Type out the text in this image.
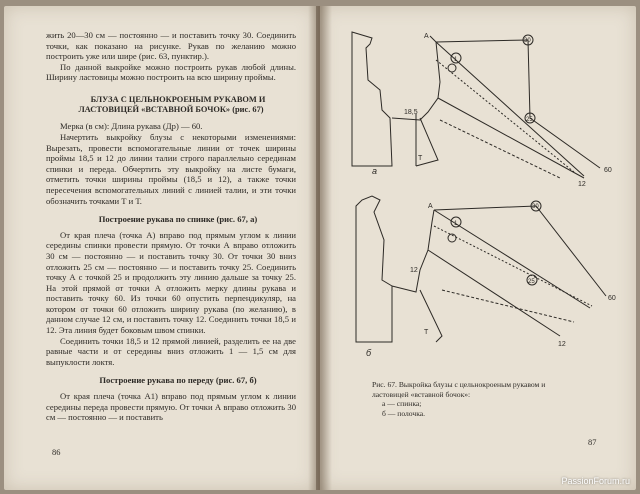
жить 20—30 см — постоянно — и поставить точку 30. Соединить точки, как показано на рисунке. Рукав по желанию можно построить уже или шире (рис. 63, пунктир.).

По данной выкройке можно построить рукав любой длины. Ширину ластовицы можно построить на всю ширину проймы.

БЛУЗА С ЦЕЛЬНОКРОЕНЫМ РУКАВОМ И ЛАСТОВИЦЕЙ «ВСТАВНОЙ БОЧОК» (рис. 67)

Мерка (в см): Длина рукава (Др) — 60.

Начертить выкройку блузы с некоторыми изменениями: Вырезать, провести вспомогательные линии от точек ширины проймы 18,5 и 12 до линии талии строго параллельно серединам спинки и переда. Обчертить эту выкройку на листе бумаги, отметить точки ширины проймы (18,5 и 12), а также точки пересечения вспомогательных линий с линией талии, и эти точки обозначить точками Т и Т.

Построение рукава по спинке (рис. 67, а)

От края плеча (точка А) вправо под прямым углом к линии середины спинки провести прямую. От точки А вправо отложить 30 см — постоянно — и поставить точку 30. От точки 30 вниз отложить 25 см — постоянно — и поставить точку 25. Соединить точку А с точкой 25 и продолжить эту линию дальше за точку 25. На этой прямой от точки А отложить мерку длины рукава и поставить точку 60. Из точки 60 опустить перпендикуляр, на котором от точки 60 отложить ширину рукава (по желанию), в данном случае 12 см, и поставить точку 12. Соединить точки 18,5 и 12. Эта линия будет боковым швом спинки.

Соединить точки 18,5 и 12 прямой линией, разделить ее на две равные части и от середины вниз отложить 1 — 1,5 см для выпуклости локтя.

Построение рукава по переду (рис. 67, б)

От края плеча (точка А1) вправо под прямым углом к линии середины переда провести прямую. От точки А вправо отложить 30 см — постоянно — и поставить

86
A
1
30
18,5
T
25
60
12
а
A
1
30
12
T
25
60
12
б
Рис. 67. Выкройка блузы с цельнокроеным рукавом и ластовицей «вставной бочок»:
а — спинка;
б — полочка.
87
PassionForum.ru
